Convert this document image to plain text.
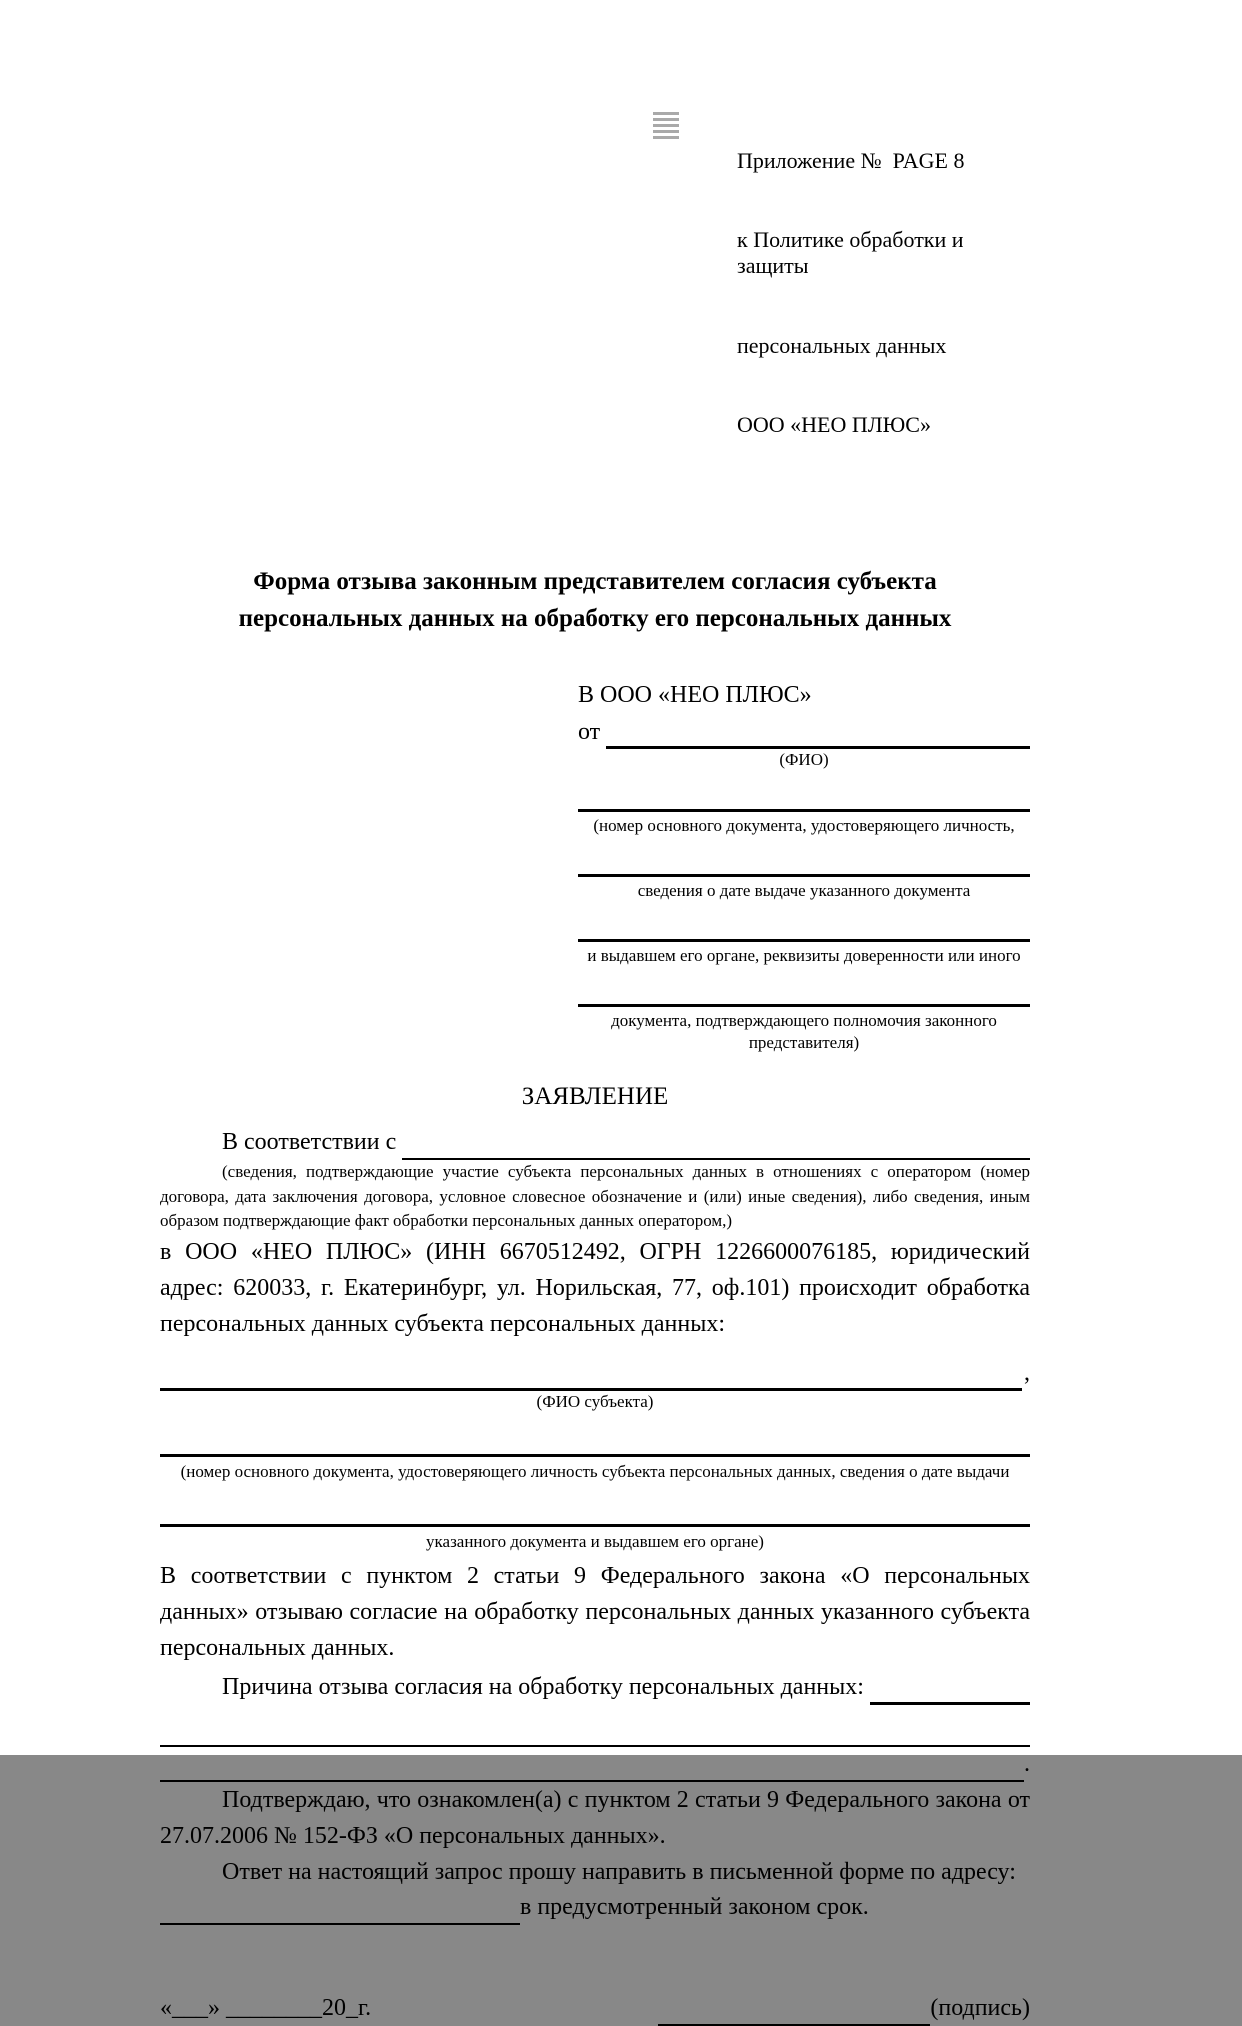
Приложение №  PAGE 8

к Политике обработки и защиты

персональных данных

ООО «НЕО ПЛЮС»

Форма отзыва законным представителем согласия субъекта
персональных данных на обработку его персональных данных
В ООО «НЕО ПЛЮС»
от

(ФИО)
(номер основного документа, удостоверяющего личность,
сведения о дате выдаче указанного документа
и выдавшем его органе, реквизиты доверенности или иного
документа, подтверждающего полномочия законного представителя)
ЗАЯВЛЕНИЕ
В соответствии с

(сведения, подтверждающие участие субъекта персональных данных в отношениях с оператором (номер договора, дата заключения договора, условное словесное обозначение и (или) иные сведения), либо сведения, иным образом подтверждающие факт обработки персональных данных оператором,)
в ООО «НЕО ПЛЮС» (ИНН 6670512492, ОГРН 1226600076185, юридический адрес: 620033, г. Екатеринбург, ул. Норильская, 77, оф.101) происходит обработка персональных данных субъекта персональных данных:
,
(ФИО субъекта)
(номер основного документа, удостоверяющего личность субъекта персональных данных, сведения о дате выдачи
указанного документа и выдавшем его органе)
В соответствии с пунктом 2 статьи 9 Федерального закона «О персональных данных» отзываю согласие на обработку персональных данных указанного субъекта персональных данных.
Причина отзыва согласия на обработку персональных данных:

.
Подтверждаю, что ознакомлен(а) с пунктом 2 статьи 9 Федерального закона от 27.07.2006 № 152-ФЗ «О персональных данных».
Ответ на настоящий запрос прошу направить в письменной форме по адресу:
в предусмотренный законом срок.
«___» ________20_г.	(подпись)
